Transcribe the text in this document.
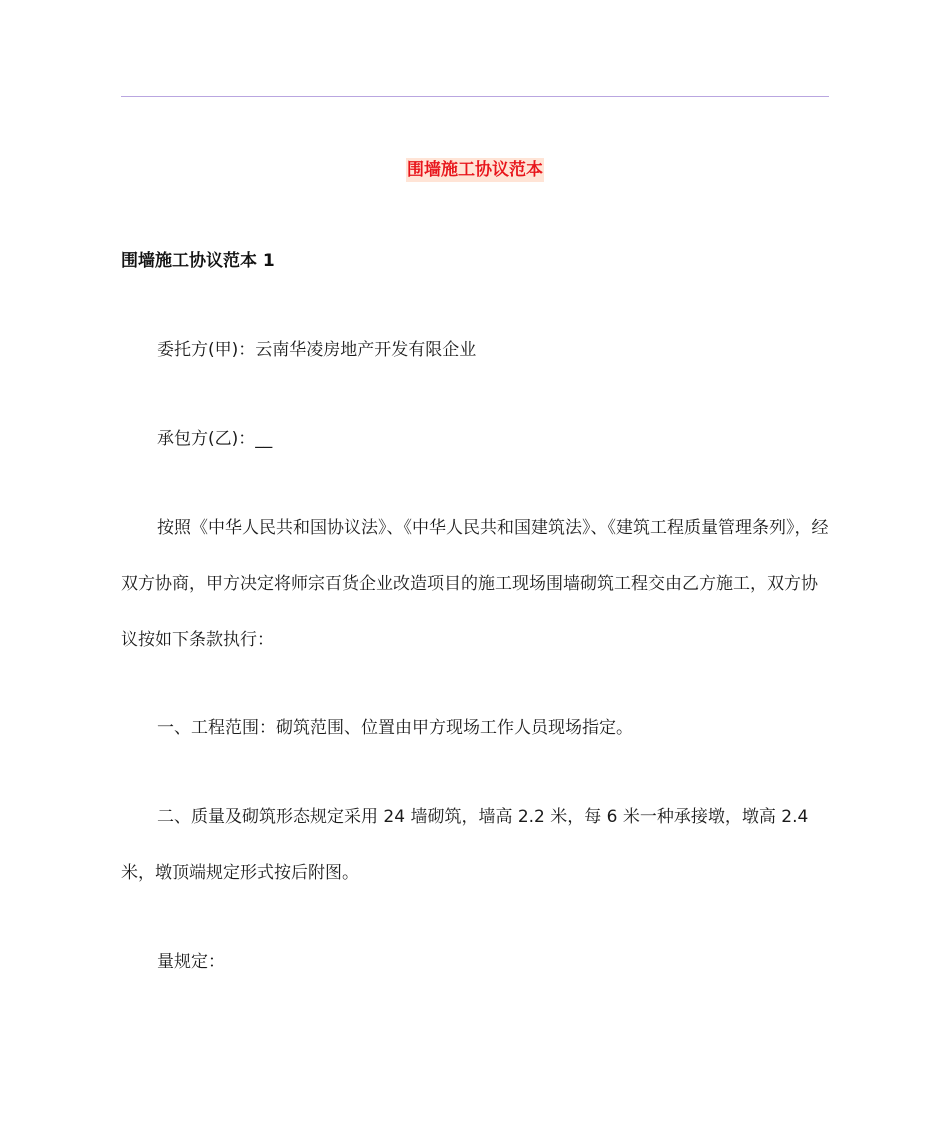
围墙施工协议范本
围墙施工协议范本 1

委托方(甲)：云南华凌房地产开发有限企业

承包方(乙)：__

按照《中华人民共和国协议法》、《中华人民共和国建筑法》、《建筑工程质量管理条列》，经双方协商，甲方决定将师宗百货企业改造项目的施工现场围墙砌筑工程交由乙方施工，双方协议按如下条款执行：

一、工程范围：砌筑范围、位置由甲方现场工作人员现场指定。

二、质量及砌筑形态规定采用 24 墙砌筑，墙高 2.2 米，每 6 米一种承接墩，墩高 2.4 米，墩顶端规定形式按后附图。

量规定：
